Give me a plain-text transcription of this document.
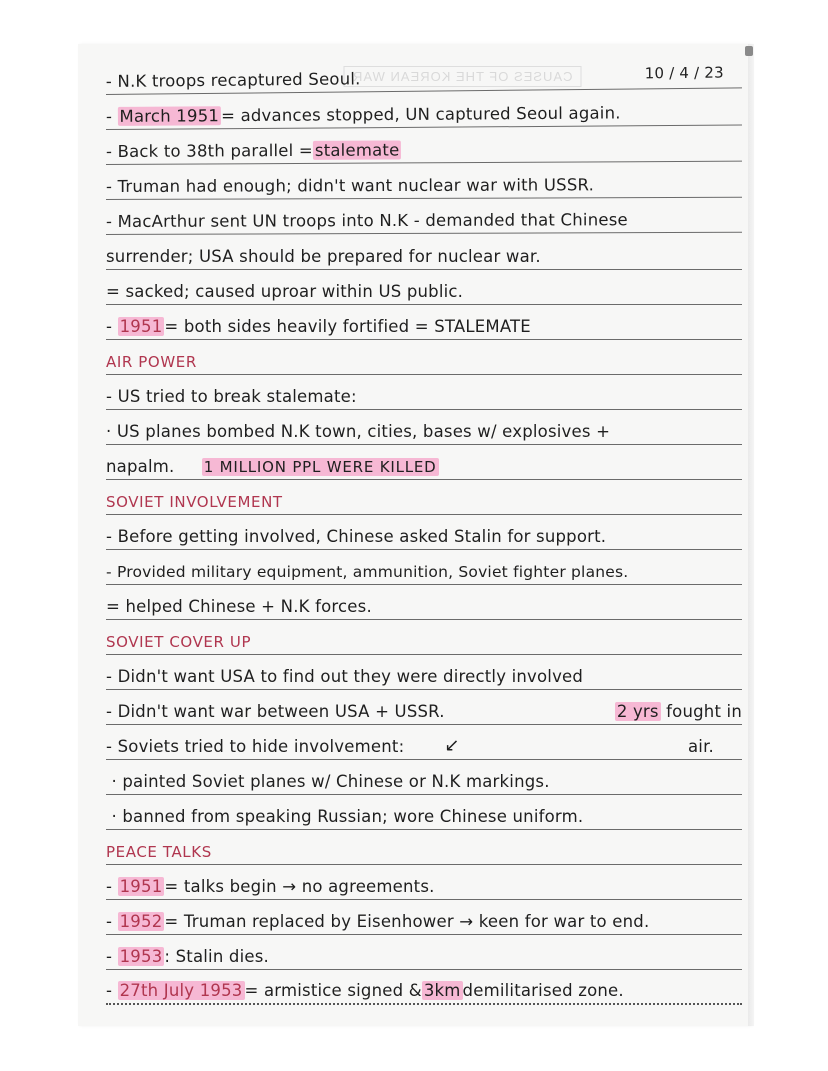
CAUSES OF THE KOREAN WAR
-
N.K troops recaptured Seoul.	10 / 4 / 23
-
March 1951 = advances stopped, UN captured Seoul again.
-
Back to 38th parallel = stalemate
-
Truman had enough; didn't want nuclear war with USSR.
-
MacArthur sent UN troops into N.K - demanded that Chinese
surrender; USA should be prepared for nuclear war.
=
sacked; caused uproar within US public.
-
1951 = both sides heavily fortified = STALEMATE
AIR POWER
-
US tried to break stalemate:
·
US planes bombed N.K town, cities, bases w/ explosives +
napalm.
1 MILLION PPL WERE KILLED
SOVIET INVOLVEMENT
-
Before getting involved, Chinese asked Stalin for support.
-
Provided military equipment, ammunition, Soviet fighter planes.
=
helped Chinese + N.K forces.
SOVIET COVER UP
-
Didn't want USA to find out they were directly involved
-
Didn't want war between USA + USSR.	2 yrs fought in
-
Soviets tried to hide involvement: ↙	air.

·
painted Soviet planes w/ Chinese or N.K markings.

·
banned from speaking Russian; wore Chinese uniform.
PEACE TALKS
-
1951 = talks begin → no agreements.
-
1952 = Truman replaced by Eisenhower → keen for war to end.
-
1953 : Stalin dies.
-
27th July 1953 = armistice signed & 3km demilitarised zone.
